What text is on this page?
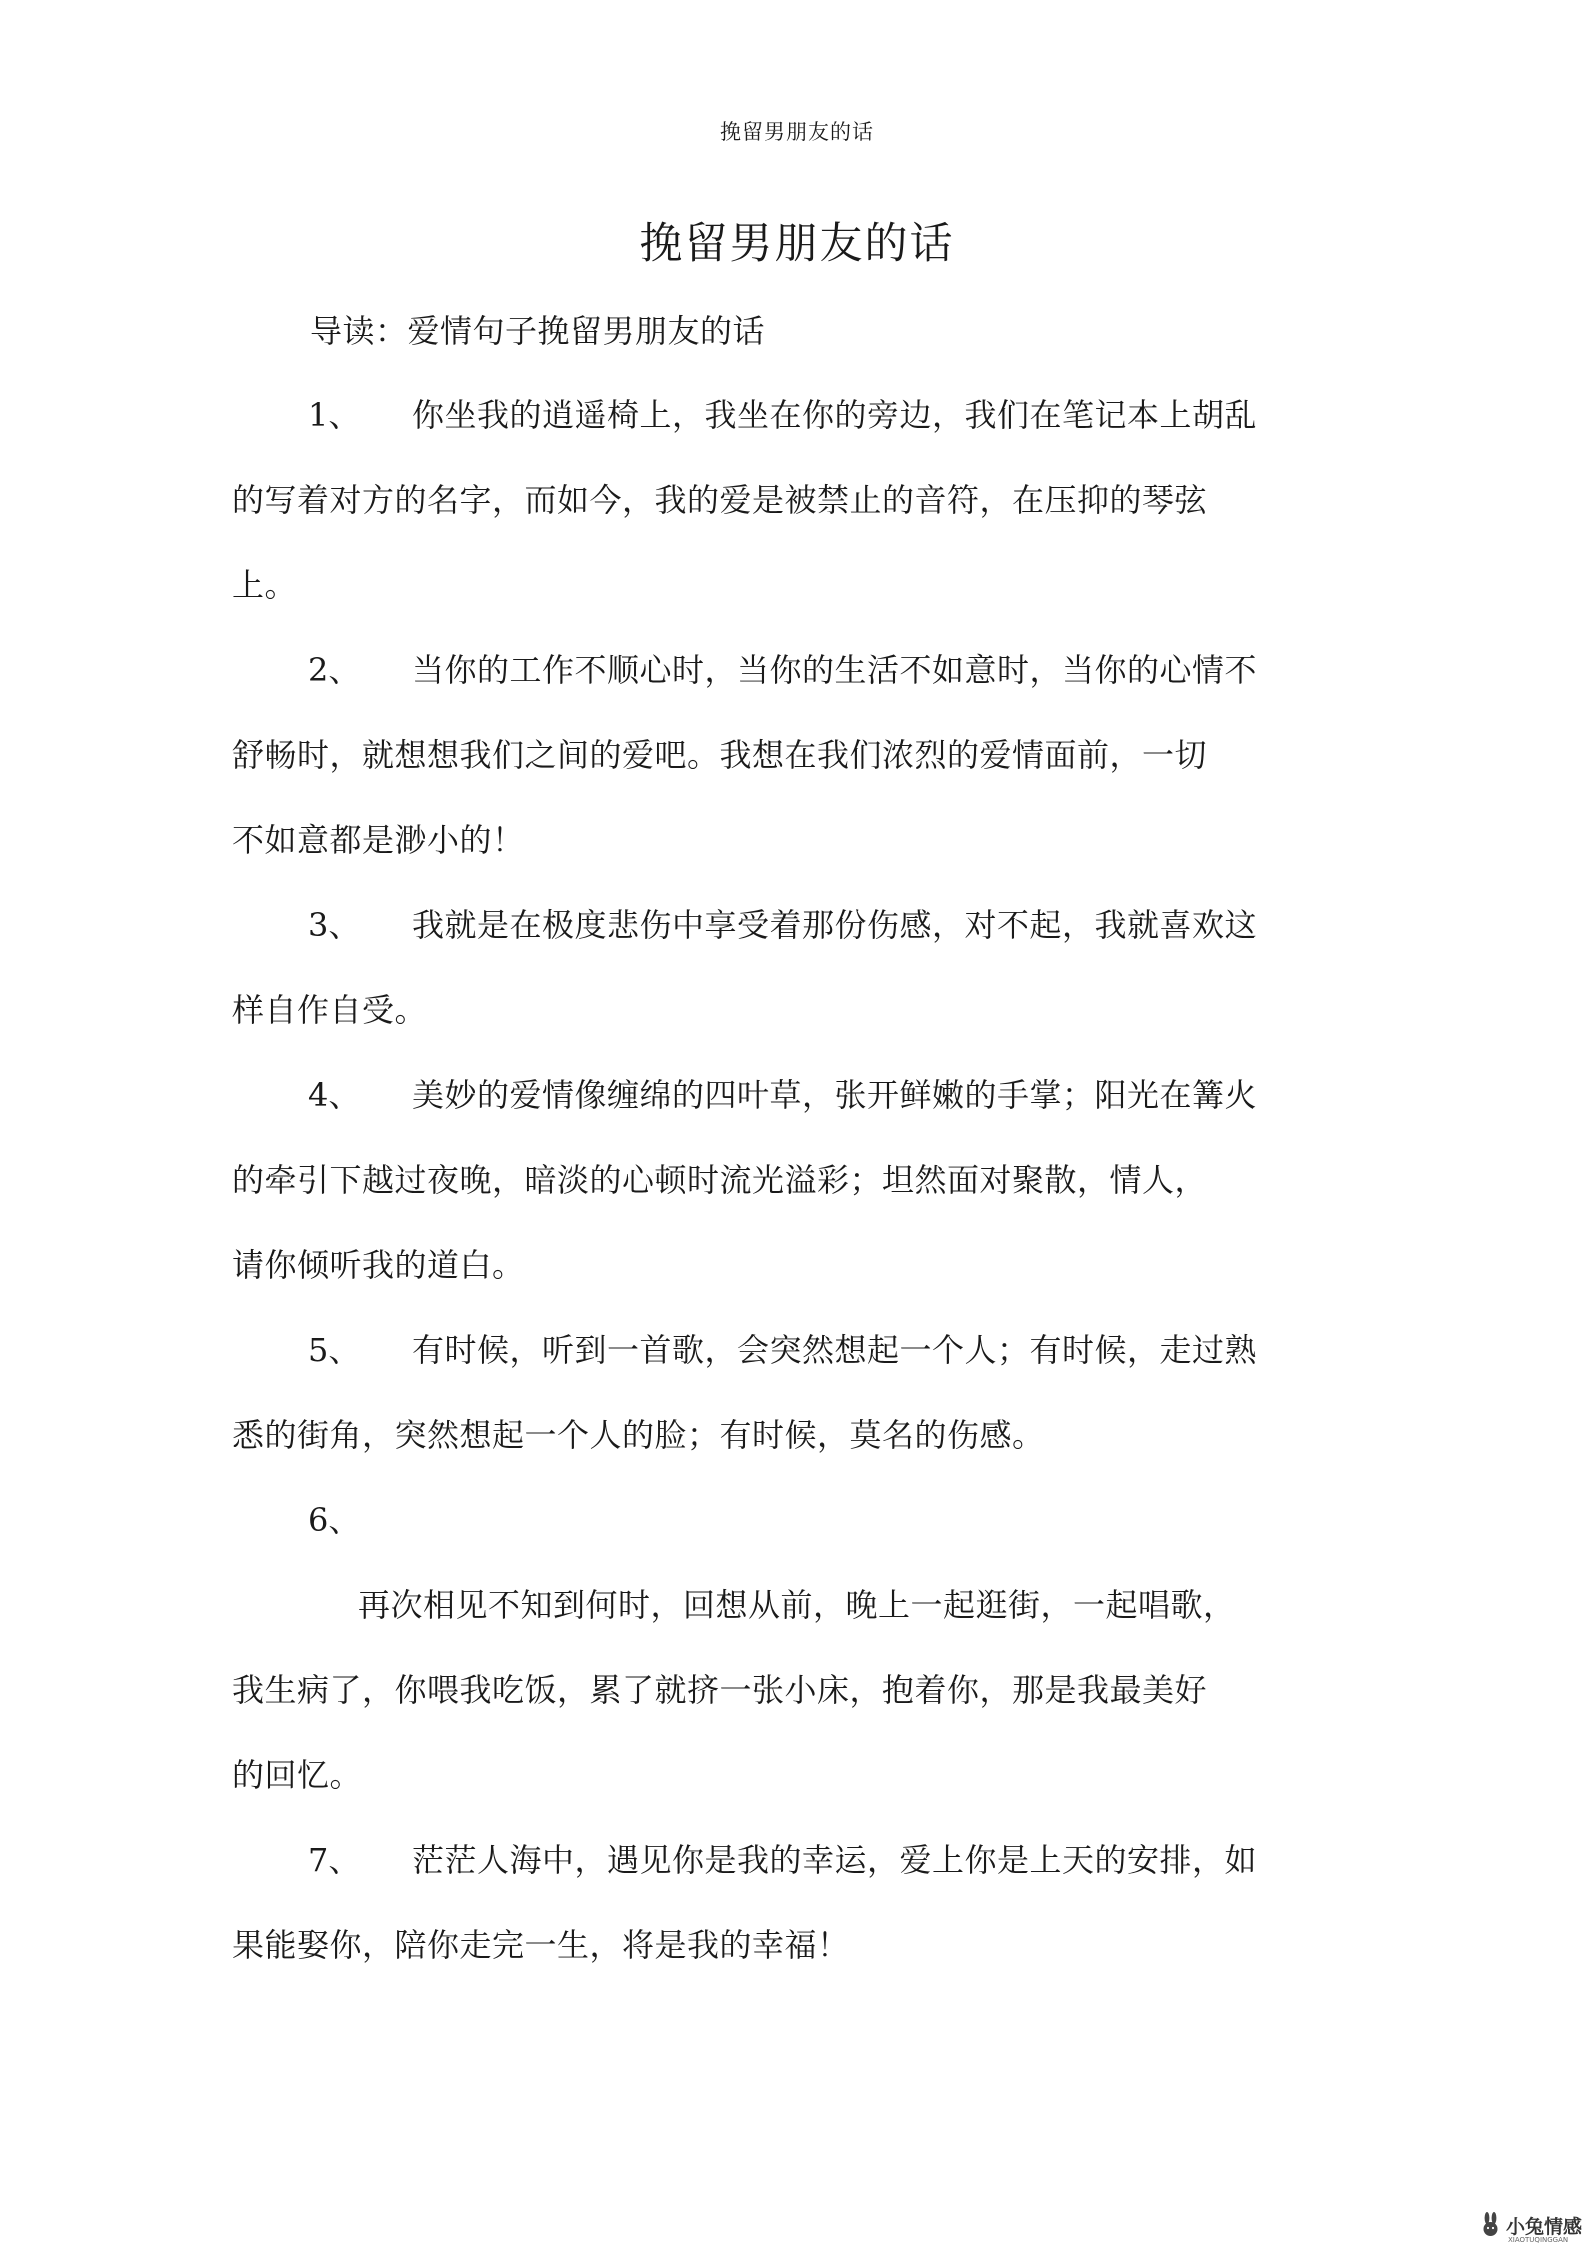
挽留男朋友的话
挽留男朋友的话
导读：爱情句子挽留男朋友的话
1、 你坐我的逍遥椅上，我坐在你的旁边，我们在笔记本上胡乱
的写着对方的名字，而如今，我的爱是被禁止的音符，在压抑的琴弦
上。
2、 当你的工作不顺心时，当你的生活不如意时，当你的心情不
舒畅时，就想想我们之间的爱吧。我想在我们浓烈的爱情面前，一切
不如意都是渺小的！
3、 我就是在极度悲伤中享受着那份伤感，对不起，我就喜欢这
样自作自受。
4、 美妙的爱情像缠绵的四叶草，张开鲜嫩的手掌；阳光在篝火
的牵引下越过夜晚，暗淡的心顿时流光溢彩；坦然面对聚散，情人，
请你倾听我的道白。
5、 有时候，听到一首歌，会突然想起一个人；有时候，走过熟
悉的街角，突然想起一个人的脸；有时候，莫名的伤感。
6、
再次相见不知到何时，回想从前，晚上一起逛街，一起唱歌，
我生病了，你喂我吃饭，累了就挤一张小床，抱着你，那是我最美好
的回忆。
7、 茫茫人海中，遇见你是我的幸运，爱上你是上天的安排，如
果能娶你，陪你走完一生，将是我的幸福！
小兔情感
XIAOTUQINGGAN
